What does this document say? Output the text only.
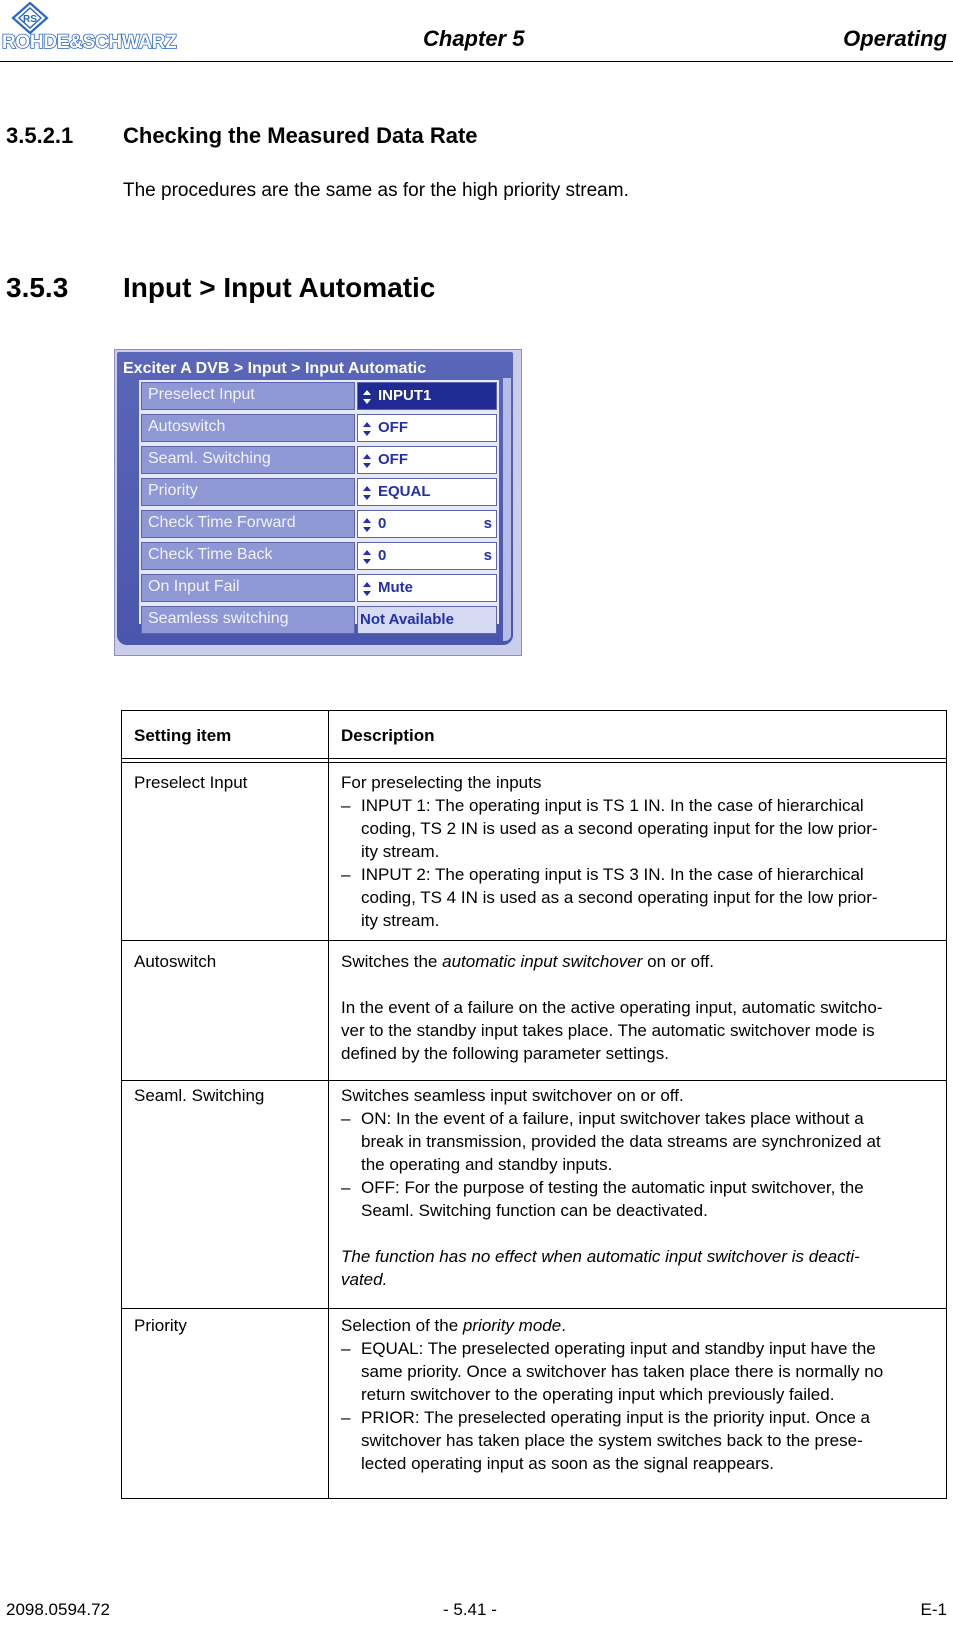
RS
ROHDE&SCHWARZ	Chapter 5	Operating
3.5.2.1 Checking the Measured Data Rate
The procedures are the same as for the high priority stream.
3.5.3 Input > Input Automatic
Exciter A DVB > Input > Input Automatic
Preselect Input	INPUT1
Autoswitch	OFF
Seaml. Switching	OFF
Priority	EQUAL
Check Time Forward	0	s
Check Time Back	0	s
On Input Fail	Mute
Seamless switching	Not Available
Setting item	Description
Preselect Input	For preselecting the inputs
– INPUT 1: The operating input is TS 1 IN. In the case of hierarchical
coding, TS 2 IN is used as a second operating input for the low prior-
ity stream.
– INPUT 2: The operating input is TS 3 IN. In the case of hierarchical
coding, TS 4 IN is used as a second operating input for the low prior-
ity stream.
Autoswitch	Switches the automatic input switchover on or off.
In the event of a failure on the active operating input, automatic switcho-
ver to the standby input takes place. The automatic switchover mode is
defined by the following parameter settings.
Seaml. Switching	Switches seamless input switchover on or off.
– ON: In the event of a failure, input switchover takes place without a
break in transmission, provided the data streams are synchronized at
the operating and standby inputs.
– OFF: For the purpose of testing the automatic input switchover, the
Seaml. Switching function can be deactivated.
The function has no effect when automatic input switchover is deacti-
vated.
Priority	Selection of the priority mode.
– EQUAL: The preselected operating input and standby input have the
same priority. Once a switchover has taken place there is normally no
return switchover to the operating input which previously failed.
– PRIOR: The preselected operating input is the priority input. Once a
switchover has taken place the system switches back to the prese-
lected operating input as soon as the signal reappears.
2098.0594.72	- 5.41 -	E-1
